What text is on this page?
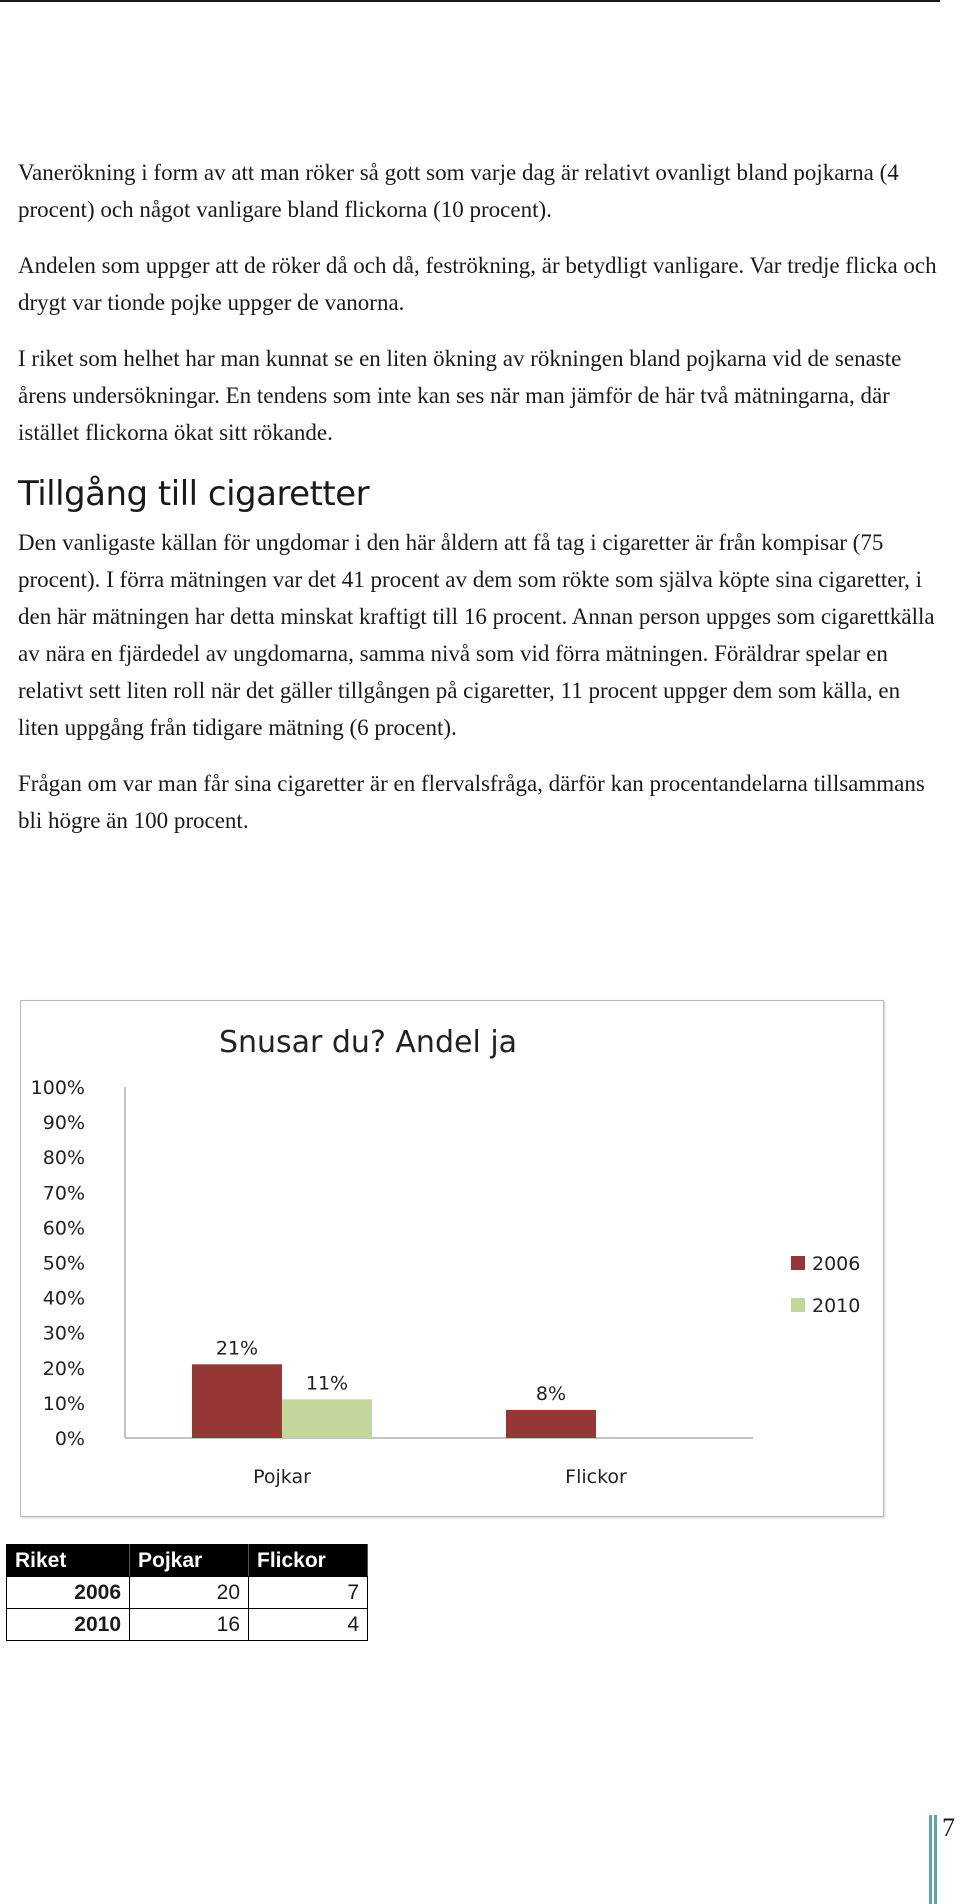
Vanerökning i form av att man röker så gott som varje dag är relativt ovanligt bland pojkarna (4 procent) och något vanligare bland flickorna (10 procent).

Andelen som uppger att de röker då och då, feströkning, är betydligt vanligare. Var tredje flicka och drygt var tionde pojke uppger de vanorna.

I riket som helhet har man kunnat se en liten ökning av rökningen bland pojkarna vid de senaste årens undersökningar. En tendens som inte kan ses när man jämför de här två mätningarna, där istället flickorna ökat sitt rökande.

Tillgång till cigaretter

Den vanligaste källan för ungdomar i den här åldern att få tag i cigaretter är från kompisar (75 procent). I förra mätningen var det 41 procent av dem som rökte som själva köpte sina cigaretter, i den här mätningen har detta minskat kraftigt till 16 procent. Annan person uppges som cigarettkälla av nära en fjärdedel av ungdomarna, samma nivå som vid förra mätningen. Föräldrar spelar en relativt sett liten roll när det gäller tillgången på cigaretter, 11 procent uppger dem som källa, en liten uppgång från tidigare mätning (6 procent).

Frågan om var man får sina cigaretter är en flervalsfråga, därför kan procentandelarna tillsammans bli högre än 100 procent.

Snusar du? Andel ja
0%
10%
20%
30%
40%
50%
60%
70%
80%
90%
100%
21%
11%	8%
Pojkar	Flickor
2006
2010
Riket	Pojkar	Flickor
2006	20	7
2010	16	4
7
